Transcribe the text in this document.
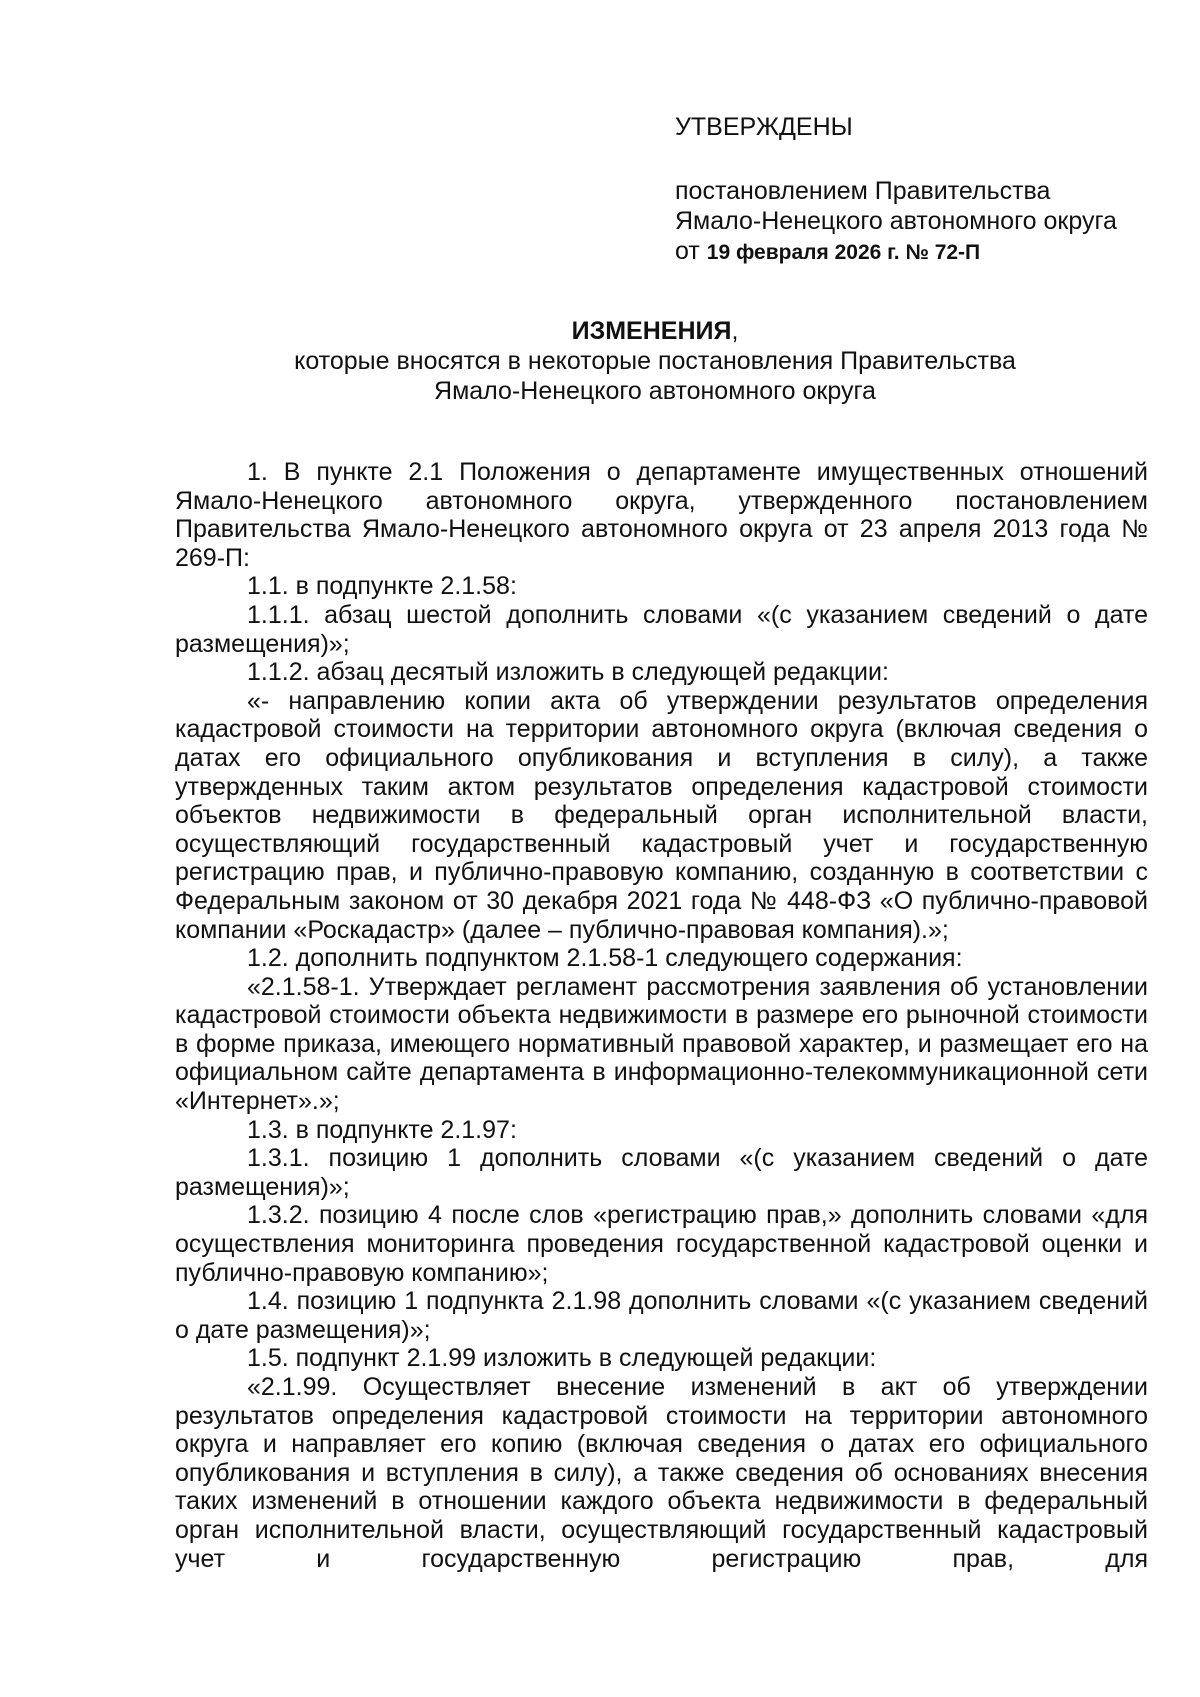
УТВЕРЖДЕНЫ
постановлением Правительства
Ямало-Ненецкого автономного округа
от 19 февраля 2026 г. № 72-П
ИЗМЕНЕНИЯ,
которые вносятся в некоторые постановления Правительства
Ямало-Ненецкого автономного округа

1. В пункте 2.1 Положения о департаменте имущественных отношений Ямало-Ненецкого автономного округа, утвержденного постановлением Правительства Ямало-Ненецкого автономного округа от 23 апреля 2013 года № 269-П:

1.1. в подпункте 2.1.58:

1.1.1. абзац шестой дополнить словами «(с указанием сведений о дате размещения)»;

1.1.2. абзац десятый изложить в следующей редакции:

«- направлению копии акта об утверждении результатов определения кадастровой стоимости на территории автономного округа (включая сведения о датах его официального опубликования и вступления в силу), а также утвержденных таким актом результатов определения кадастровой стоимости объектов недвижимости в федеральный орган исполнительной власти, осуществляющий государственный кадастровый учет и государственную регистрацию прав, и публично-правовую компанию, созданную в соответствии с Федеральным законом от 30 декабря 2021 года № 448-ФЗ «О публично-правовой компании «Роскадастр» (далее – публично-правовая компания).»;

1.2. дополнить подпунктом 2.1.58-1 следующего содержания:

«2.1.58-1. Утверждает регламент рассмотрения заявления об установлении кадастровой стоимости объекта недвижимости в размере его рыночной стоимости в форме приказа, имеющего нормативный правовой характер, и размещает его на официальном сайте департамента в информационно-телекоммуникационной сети «Интернет».»;

1.3. в подпункте 2.1.97:

1.3.1. позицию 1 дополнить словами «(с указанием сведений о дате размещения)»;

1.3.2. позицию 4 после слов «регистрацию прав,» дополнить словами «для осуществления мониторинга проведения государственной кадастровой оценки и публично-правовую компанию»;

1.4. позицию 1 подпункта 2.1.98 дополнить словами «(с указанием сведений о дате размещения)»;

1.5. подпункт 2.1.99 изложить в следующей редакции:

«2.1.99. Осуществляет внесение изменений в акт об утверждении результатов определения кадастровой стоимости на территории автономного округа и направляет его копию (включая сведения о датах его официального опубликования и вступления в силу), а также сведения об основаниях внесения таких изменений в отношении каждого объекта недвижимости в федеральный орган исполнительной власти, осуществляющий государственный кадастровый учет и государственную регистрацию прав, для
